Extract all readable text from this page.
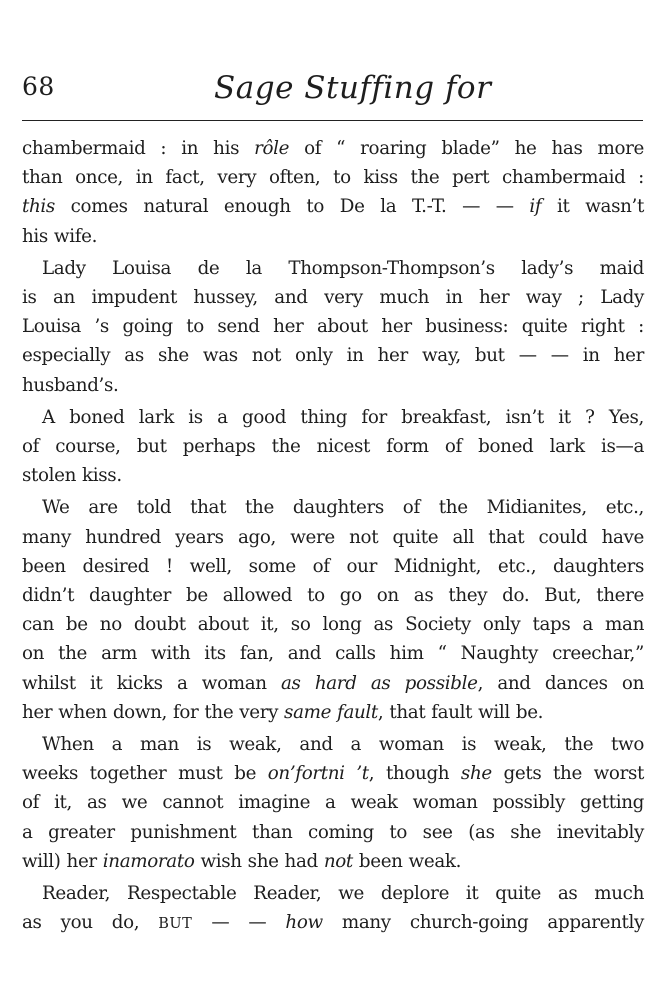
68	Sage Stuffing for
chambermaid : in his rôle of “ roaring blade” he has more
than once, in fact, very often, to kiss the pert chambermaid :
this comes natural enough to De la T.-T. — — if it wasn’t
his wife.
Lady Louisa de la Thompson-Thompson’s lady’s maid
is an impudent hussey, and very much in her way ; Lady
Louisa ’s going to send her about her business: quite right :
especially as she was not only in her way, but — — in her
husband’s.
A boned lark is a good thing for breakfast, isn’t it ? Yes,
of course, but perhaps the nicest form of boned lark is—a
stolen kiss.
We are told that the daughters of the Midianites, etc.,
many hundred years ago, were not quite all that could have
been desired ! well, some of our Midnight, etc., daughters
didn’t daughter be allowed to go on as they do. But, there
can be no doubt about it, so long as Society only taps a man
on the arm with its fan, and calls him “ Naughty creechar,”
whilst it kicks a woman as hard as possible, and dances on
her when down, for the very same fault, that fault will be.
When a man is weak, and a woman is weak, the two
weeks together must be on’fortni ’t, though she gets the worst
of it, as we cannot imagine a weak woman possibly getting
a greater punishment than coming to see (as she inevitably
will) her inamorato wish she had not been weak.
Reader, Respectable Reader, we deplore it quite as much
as you do, BUT — — how many church-going apparently
